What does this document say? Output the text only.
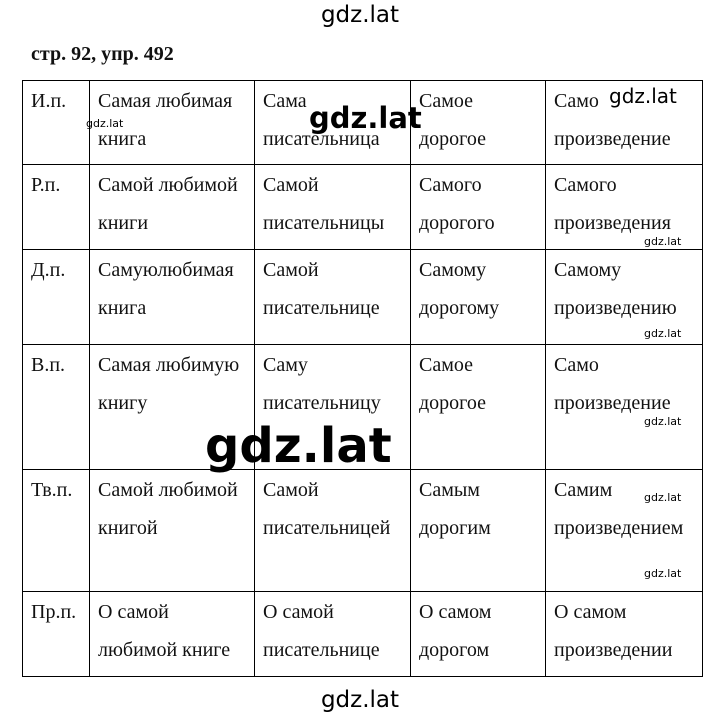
gdz.lat
стр. 92, упр. 492
И.п.	Самая любимая книга	Сама писательница	Самое дорогое	Само произведение
Р.п.	Самой любимой книги	Самой писательницы	Самого дорогого	Самого произведения
Д.п.	Самуюлюбимая книга	Самой писательнице	Самому дорогому	Самому произведению
В.п.	Самая любимую книгу	Саму писательницу	Самое дорогое	Само произведение
Тв.п.	Самой любимой книгой	Самой писательницей	Самым дорогим	Самим произведением
Пр.п.	О самой любимой книге	О самой писательнице	О самом дорогом	О самом произведении
gdz.lat
gdz.lat
gdz.lat
gdz.lat
gdz.lat
gdz.lat
gdz.lat
gdz.lat
gdz.lat
gdz.lat
